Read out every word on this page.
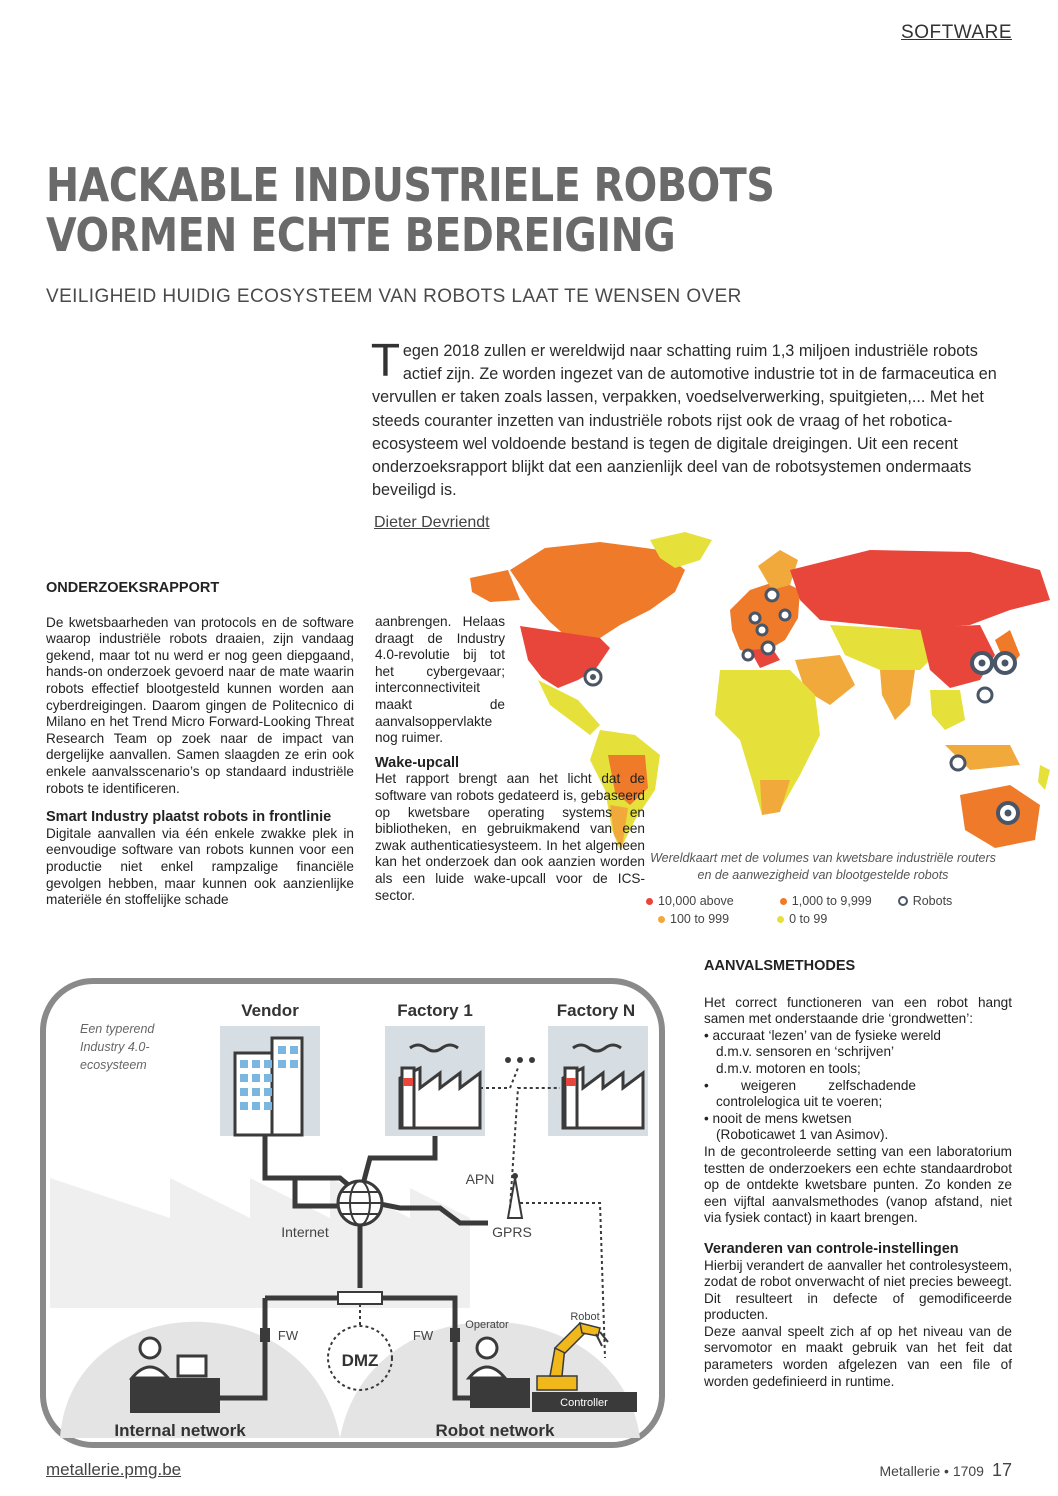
SOFTWARE
HACKABLE INDUSTRIELE ROBOTS
VORMEN ECHTE BEDREIGING
VEILIGHEID HUIDIG ECOSYSTEEM VAN ROBOTS LAAT TE WENSEN OVER
Tegen 2018 zullen er wereldwijd naar schatting ruim 1,3 miljoen industriële robots actief zijn. Ze worden ingezet van de automotive industrie tot in de farmaceutica en vervullen er taken zoals lassen, verpakken, voedselverwerking, spuitgieten,... Met het steeds couranter inzetten van industriële robots rijst ook de vraag of het robotica-ecosysteem wel voldoende bestand is tegen de digitale dreigingen. Uit een recent onderzoeksrapport blijkt dat een aanzienlijk deel van de robotsystemen ondermaats beveiligd is.
Dieter Devriendt
Wereldkaart met de volumes van kwetsbare industriële routers
en de aanwezigheid van blootgestelde robots
10,000 above	1,000 to 9,999	Robots
100 to 999	0 to 99
ONDERZOEKSRAPPORT

De kwetsbaarheden van protocols en de software waarop industriële robots draaien, zijn vandaag gekend, maar tot nu werd er nog geen diepgaand, hands-on onderzoek gevoerd naar de mate waarin robots effectief blootgesteld kunnen worden aan cyberdreigingen. Daarom gingen de Politecnico di Milano en het Trend Micro Forward-Looking Threat Research Team op zoek naar de impact van dergelijke aanvallen. Samen slaagden ze erin ook enkele aanvalsscenario’s op standaard industriële robots te identificeren.

Smart Industry plaatst robots in frontlinie

Digitale aanvallen via één enkele zwakke plek in eenvoudige software van robots kunnen voor een productie niet enkel rampzalige financiële gevolgen hebben, maar kunnen ook aanzienlijke materiële én stoffelijke schade

aanbrengen. Helaas draagt de Industry 4.0-revolutie bij tot het cybergevaar; interconnectiviteit maakt de aanvalsoppervlakte nog ruimer.

Wake-upcall

Het rapport brengt aan het licht dat de software van robots gedateerd is, gebaseerd op kwetsbare operating systems en bibliotheken, en gebruikmakend van een zwak authenticatiesysteem. In het algemeen kan het onderzoek dan ook aanzien worden als een luide wake-upcall voor de ICS-sector.

AANVALSMETHODES

Het correct functioneren van een robot hangt samen met onderstaande drie ‘grondwetten’:

• accuraat ‘lezen’ van de fysieke wereld
d.m.v. sensoren en ‘schrijven’
d.m.v. motoren en tools;
• weigeren zelfschadende controlelogica uit te voeren;
• nooit de mens kwetsen
(Roboticawet 1 van Asimov).

In de gecontroleerde setting van een laboratorium testten de onderzoekers een echte standaardrobot op de ontdekte kwetsbare punten. Zo konden ze een vijftal aanvalsmethodes (vanop afstand, niet via fysiek contact) in kaart brengen.

Veranderen van controle-instellingen

Hierbij verandert de aanvaller het controlesysteem, zodat de robot onverwacht of niet precies beweegt. Dit resulteert in defecte of gemodificeerde producten.

Deze aanval speelt zich af op het niveau van de servomotor en maakt gebruik van het feit dat parameters worden afgelezen van een file of worden gedefinieerd in runtime.

Vendor	Factory 1	Factory N
Internet
APN
GPRS
DMZ
FW	FW
Internal network
Operator
Robot
Controller
Robot network
Een typerend Industry 4.0-ecosysteem
metallerie.pmg.be	Metallerie • 1709 17
